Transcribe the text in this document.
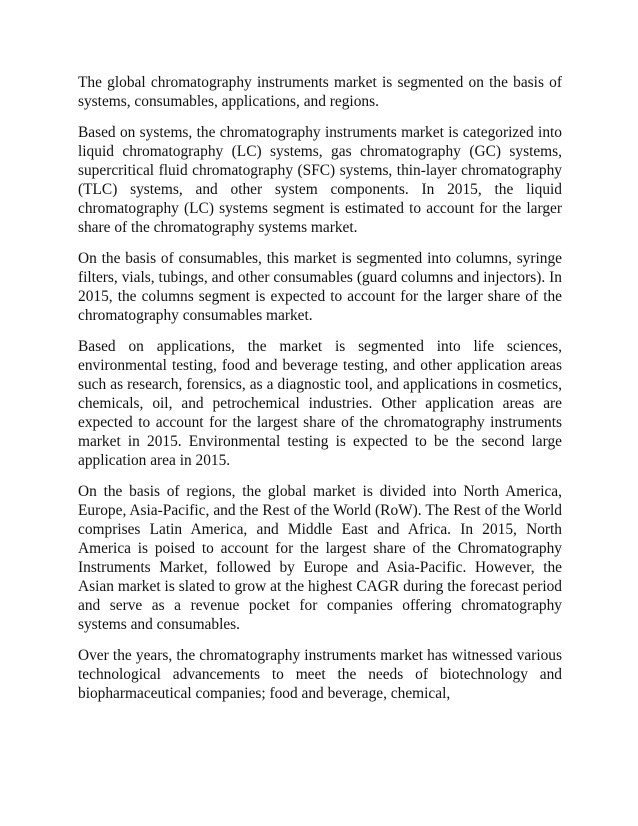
The global chromatography instruments market is segmented on the basis of systems, consumables, applications, and regions.

Based on systems, the chromatography instruments market is categorized into liquid chromatography (LC) systems, gas chromatography (GC) systems, supercritical fluid chromatography (SFC) systems, thin-layer chromatography (TLC) systems, and other system components. In 2015, the liquid chromatography (LC) systems segment is estimated to account for the larger share of the chromatography systems market.

On the basis of consumables, this market is segmented into columns, syringe filters, vials, tubings, and other consumables (guard columns and injectors). In 2015, the columns segment is expected to account for the larger share of the chromatography consumables market.

Based on applications, the market is segmented into life sciences, environmental testing, food and beverage testing, and other application areas such as research, forensics, as a diagnostic tool, and applications in cosmetics, chemicals, oil, and petrochemical industries. Other application areas are expected to account for the largest share of the chromatography instruments market in 2015. Environmental testing is expected to be the second large application area in 2015.

On the basis of regions, the global market is divided into North America, Europe, Asia-Pacific, and the Rest of the World (RoW). The Rest of the World comprises Latin America, and Middle East and Africa. In 2015, North America is poised to account for the largest share of the Chromatography Instruments Market, followed by Europe and Asia-Pacific. However, the Asian market is slated to grow at the highest CAGR during the forecast period and serve as a revenue pocket for companies offering chromatography systems and consumables.

Over the years, the chromatography instruments market has witnessed various technological advancements to meet the needs of biotechnology and biopharmaceutical companies; food and beverage, chemical,
